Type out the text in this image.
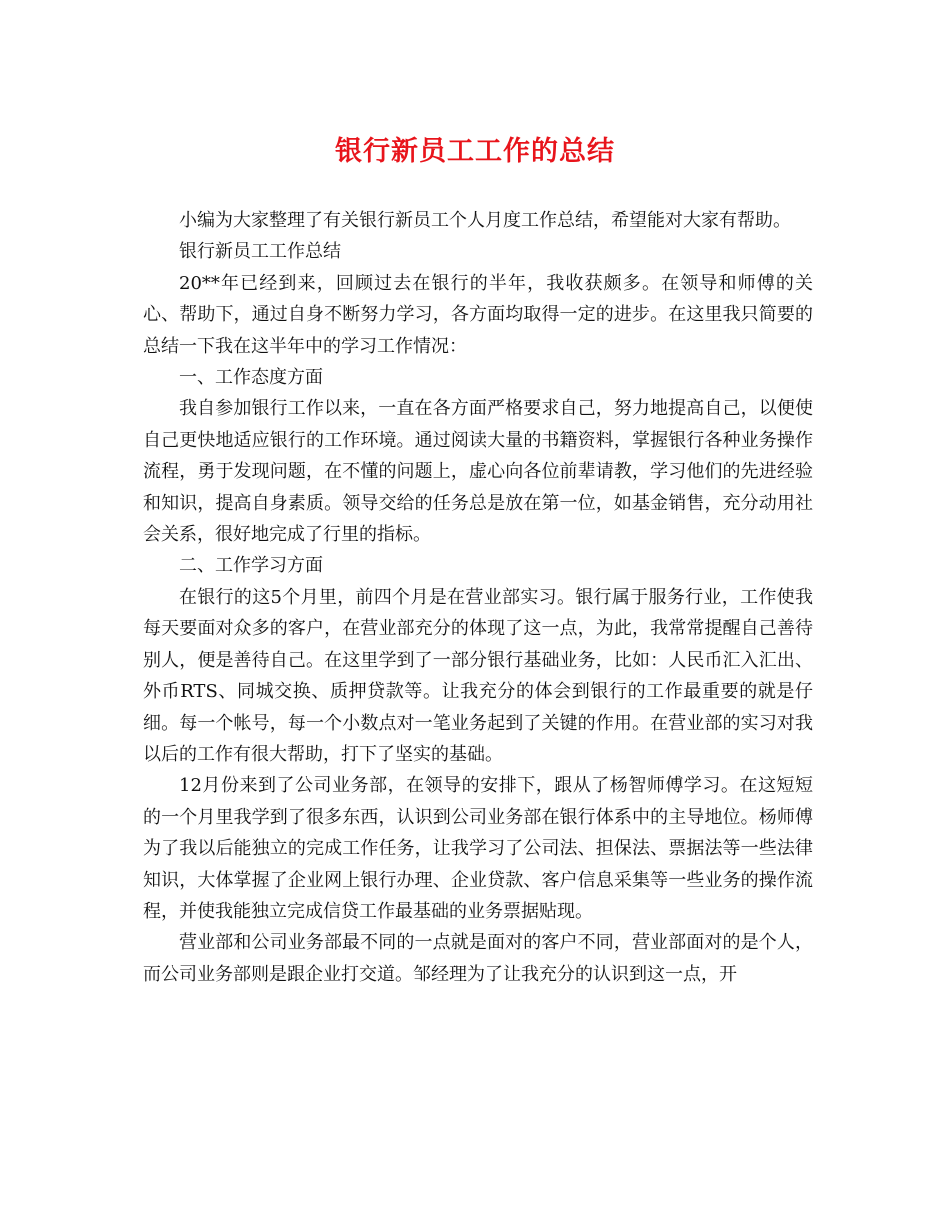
银行新员工工作的总结

小编为大家整理了有关银行新员工个人月度工作总结，希望能对大家有帮助。

银行新员工工作总结

20**年已经到来，回顾过去在银行的半年，我收获颇多。在领导和师傅的关心、帮助下，通过自身不断努力学习，各方面均取得一定的进步。在这里我只简要的总结一下我在这半年中的学习工作情况：

一、工作态度方面

我自参加银行工作以来，一直在各方面严格要求自己，努力地提高自己，以便使自己更快地适应银行的工作环境。通过阅读大量的书籍资料，掌握银行各种业务操作流程，勇于发现问题，在不懂的问题上，虚心向各位前辈请教，学习他们的先进经验和知识，提高自身素质。领导交给的任务总是放在第一位，如基金销售，充分动用社会关系，很好地完成了行里的指标。

二、工作学习方面

在银行的这5个月里，前四个月是在营业部实习。银行属于服务行业，工作使我每天要面对众多的客户，在营业部充分的体现了这一点，为此，我常常提醒自己善待别人，便是善待自己。在这里学到了一部分银行基础业务，比如：人民币汇入汇出、外币RTS、同城交换、质押贷款等。让我充分的体会到银行的工作最重要的就是仔细。每一个帐号，每一个小数点对一笔业务起到了关键的作用。在营业部的实习对我以后的工作有很大帮助，打下了坚实的基础。

12月份来到了公司业务部，在领导的安排下，跟从了杨智师傅学习。在这短短的一个月里我学到了很多东西，认识到公司业务部在银行体系中的主导地位。杨师傅为了我以后能独立的完成工作任务，让我学习了公司法、担保法、票据法等一些法律知识，大体掌握了企业网上银行办理、企业贷款、客户信息采集等一些业务的操作流程，并使我能独立完成信贷工作最基础的业务票据贴现。

营业部和公司业务部最不同的一点就是面对的客户不同，营业部面对的是个人，而公司业务部则是跟企业打交道。邹经理为了让我充分的认识到这一点，开
